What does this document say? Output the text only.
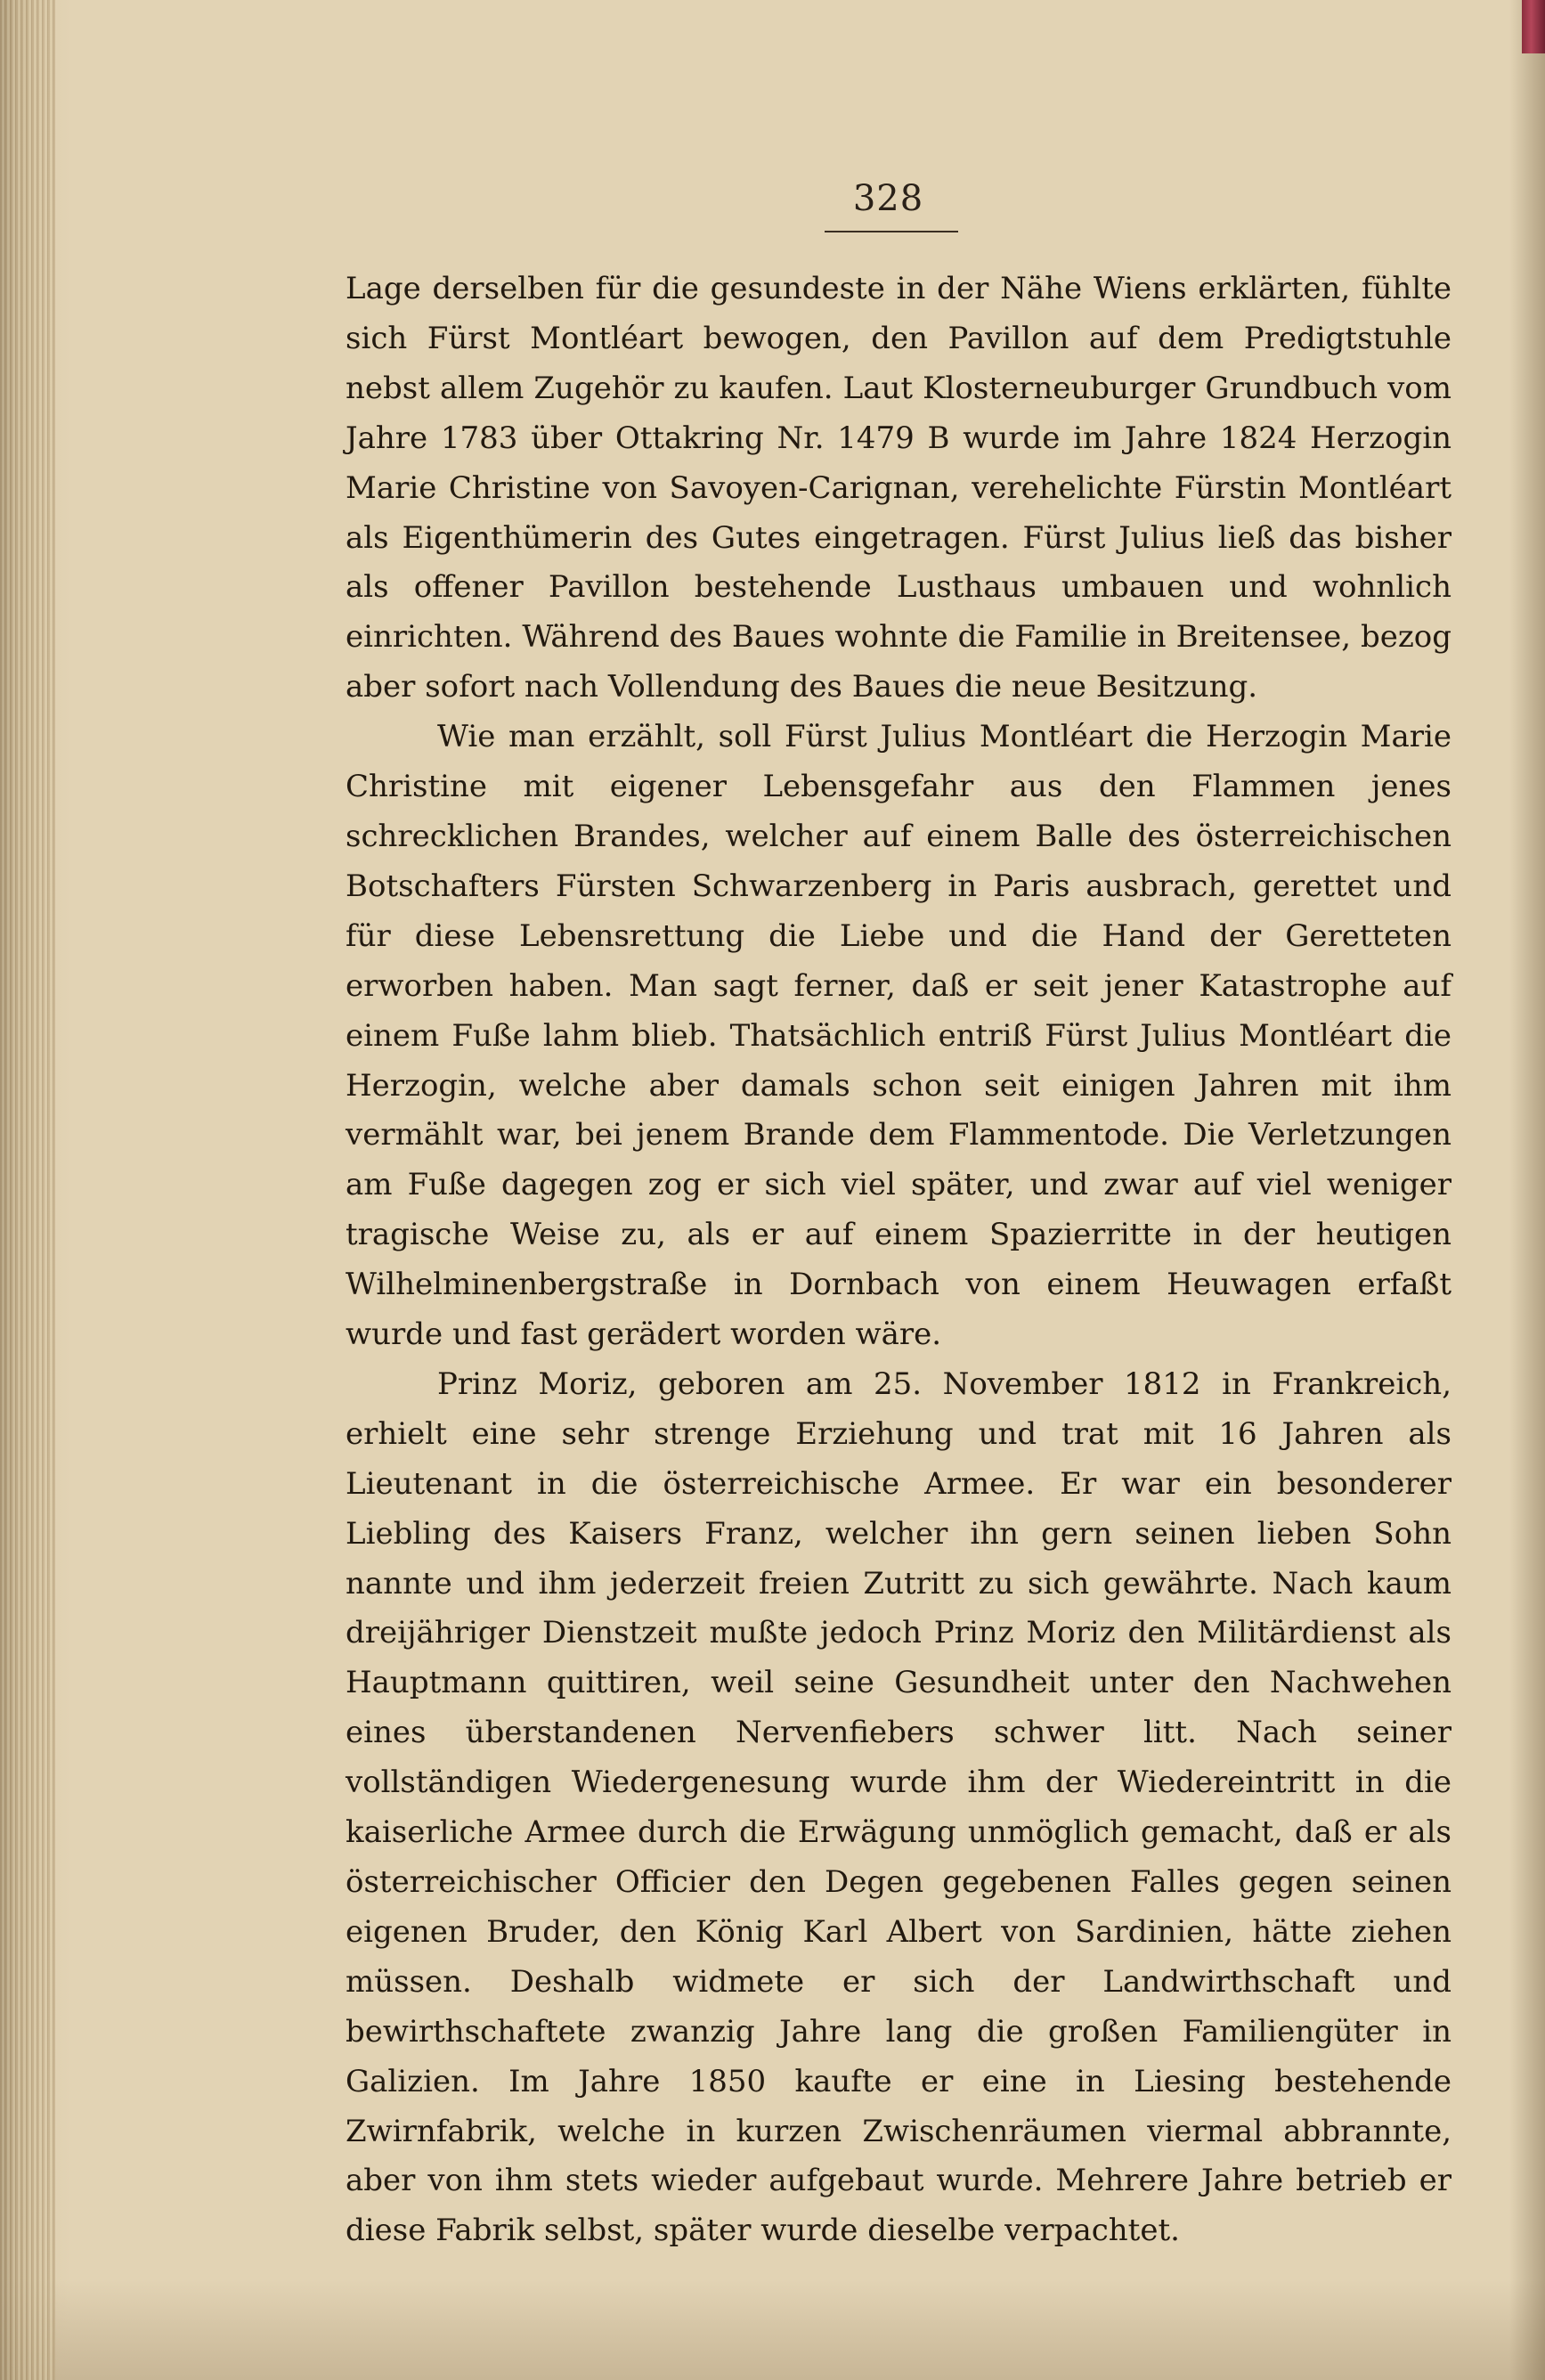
328

Lage derselben für die gesundeste in der Nähe Wiens erklärten, fühlte sich Fürst Montléart bewogen, den Pavillon auf dem Predigtstuhle nebst allem Zugehör zu kaufen. Laut Klosterneuburger Grundbuch vom Jahre 1783 über Ottakring Nr. 1479 B wurde im Jahre 1824 Herzogin Marie Christine von Savoyen-Carignan, verehelichte Fürstin Montléart als Eigenthümerin des Gutes eingetragen. Fürst Julius ließ das bisher als offener Pavillon bestehende Lusthaus umbauen und wohnlich einrichten. Während des Baues wohnte die Familie in Breitensee, bezog aber sofort nach Vollendung des Baues die neue Besitzung.

Wie man erzählt, soll Fürst Julius Montléart die Herzogin Marie Christine mit eigener Lebensgefahr aus den Flammen jenes schrecklichen Brandes, welcher auf einem Balle des österreichischen Botschafters Fürsten Schwarzenberg in Paris ausbrach, gerettet und für diese Lebensrettung die Liebe und die Hand der Geretteten erworben haben. Man sagt ferner, daß er seit jener Katastrophe auf einem Fuße lahm blieb. Thatsächlich entriß Fürst Julius Montléart die Herzogin, welche aber damals schon seit einigen Jahren mit ihm vermählt war, bei jenem Brande dem Flammentode. Die Verletzungen am Fuße dagegen zog er sich viel später, und zwar auf viel weniger tragische Weise zu, als er auf einem Spazierritte in der heutigen Wilhelminenbergstraße in Dornbach von einem Heuwagen erfaßt wurde und fast gerädert worden wäre.

Prinz Moriz, geboren am 25. November 1812 in Frankreich, erhielt eine sehr strenge Erziehung und trat mit 16 Jahren als Lieutenant in die österreichische Armee. Er war ein besonderer Liebling des Kaisers Franz, welcher ihn gern seinen lieben Sohn nannte und ihm jederzeit freien Zutritt zu sich gewährte. Nach kaum dreijähriger Dienstzeit mußte jedoch Prinz Moriz den Militärdienst als Hauptmann quittiren, weil seine Gesundheit unter den Nachwehen eines überstandenen Nervenfiebers schwer litt. Nach seiner vollständigen Wiedergenesung wurde ihm der Wiedereintritt in die kaiserliche Armee durch die Erwägung unmöglich gemacht, daß er als österreichischer Officier den Degen gegebenen Falles gegen seinen eigenen Bruder, den König Karl Albert von Sardinien, hätte ziehen müssen. Deshalb widmete er sich der Landwirthschaft und bewirthschaftete zwanzig Jahre lang die großen Familiengüter in Galizien. Im Jahre 1850 kaufte er eine in Liesing bestehende Zwirnfabrik, welche in kurzen Zwischenräumen viermal abbrannte, aber von ihm stets wieder aufgebaut wurde. Mehrere Jahre betrieb er diese Fabrik selbst, später wurde dieselbe verpachtet.
